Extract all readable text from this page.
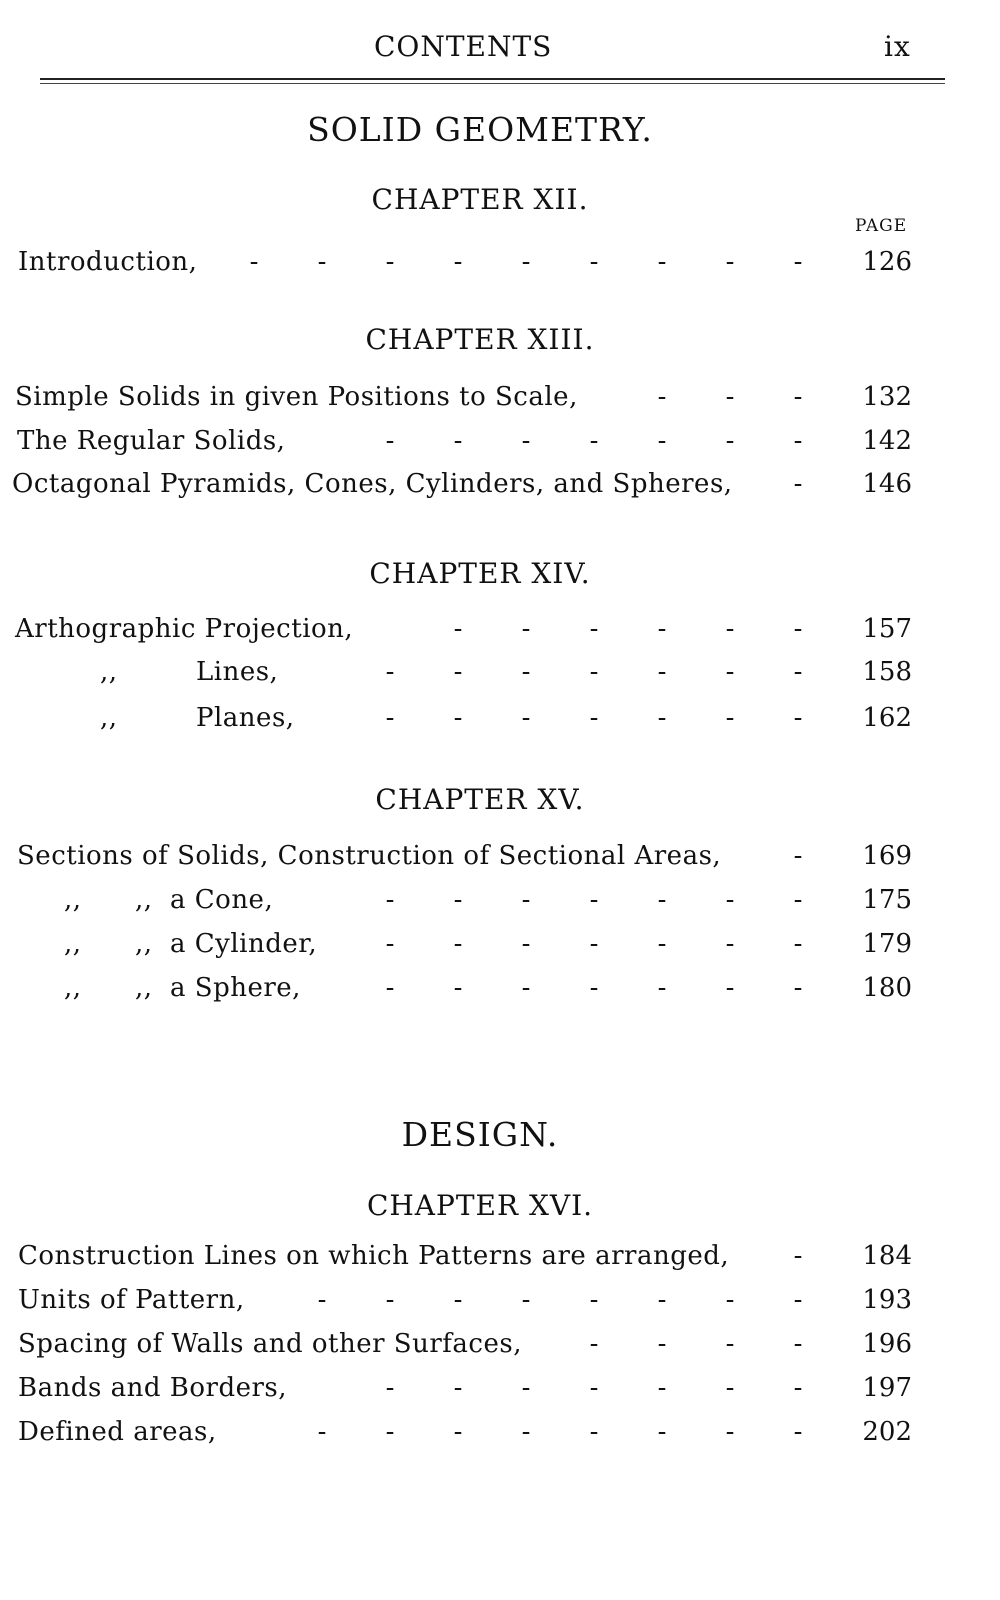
CONTENTS	ix
SOLID GEOMETRY.
CHAPTER XII.
PAGE
Introduction,	-	-	-	-	-	-	-	-	-	126
CHAPTER XIII.
Simple Solids in given Positions to Scale,	-	-	-	132
The Regular Solids,	-	-	-	-	-	-	-	142
Octagonal Pyramids, Cones, Cylinders, and Spheres,	-	146
CHAPTER XIV.
Arthographic Projection,	-	-	-	-	-	-	157
,,	Lines,	-	-	-	-	-	-	-	158
,,	Planes,	-	-	-	-	-	-	-	162
CHAPTER XV.
Sections of Solids, Construction of Sectional Areas,	-	169
,, ,, a Cone,	-	-	-	-	-	-	-	175
,, ,, a Cylinder,	-	-	-	-	-	-	-	179
,, ,, a Sphere,	-	-	-	-	-	-	-	180
DESIGN.
CHAPTER XVI.
Construction Lines on which Patterns are arranged,	-	184
Units of Pattern,	-	-	-	-	-	-	-	-	193
Spacing of Walls and other Surfaces,	-	-	-	-	196
Bands and Borders,	-	-	-	-	-	-	-	197
Defined areas,	-	-	-	-	-	-	-	-	202
